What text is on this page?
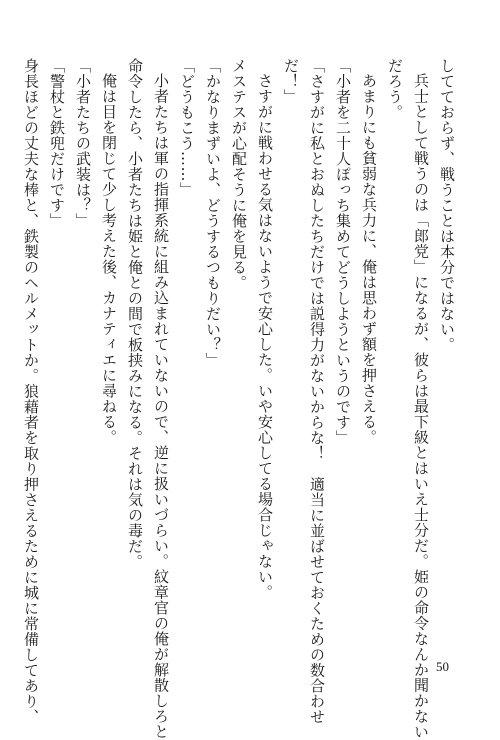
してておらず、戦うことは本分ではない。
兵士として戦うのは「郎党」になるが、彼らは最下級とはいえ士分だ。姫の命令なんか聞かない
だろう。
あまりにも貧弱な兵力に、俺は思わず額を押さえる。
「小者を二十人ぽっち集めてどうしようというのです」
「さすがに私とおぬしたちだけでは説得力がないからな！　適当に並ばせておくための数合わせ
だ！」
さすがに戦わせる気はないようで安心した。いや安心してる場合じゃない。
メステスが心配そうに俺を見る。
「かなりまずいよ、どうするつもりだい？」
「どうもこう……」
小者たちは軍の指揮系統に組み込まれていないので、逆に扱いづらい。紋章官の俺が解散しろと
命令したら、小者たちは姫と俺との間で板挟みになる。それは気の毒だ。
俺は目を閉じて少し考えた後、カナティエに尋ねる。
「小者たちの武装は？」
「警杖と鉄兜だけです」
身長ほどの丈夫な棒と、鉄製のヘルメットか。狼藉者を取り押さえるために城に常備してあり、	50
